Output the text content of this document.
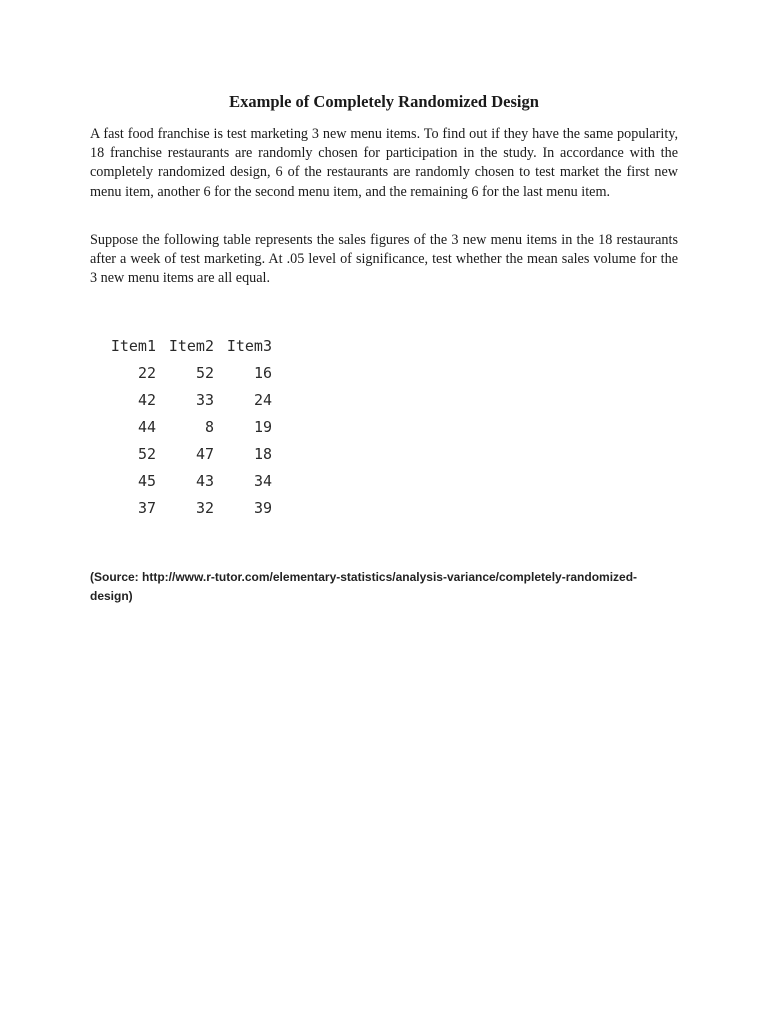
Example of Completely Randomized Design

A fast food franchise is test marketing 3 new menu items. To find out if they have the same popularity, 18 franchise restaurants are randomly chosen for participation in the study. In accordance with the completely randomized design, 6 of the restaurants are randomly chosen to test market the first new menu item, another 6 for the second menu item, and the remaining 6 for the last menu item.

Suppose the following table represents the sales figures of the 3 new menu items in the 18 restaurants after a week of test marketing. At .05 level of significance, test whether the mean sales volume for the 3 new menu items are all equal.

Item1	Item2	Item3
22	52	16
42	33	24
44	8	19
52	47	18
45	43	34
37	32	39

(Source: http://www.r-tutor.com/elementary-statistics/analysis-variance/completely-randomized-design)
